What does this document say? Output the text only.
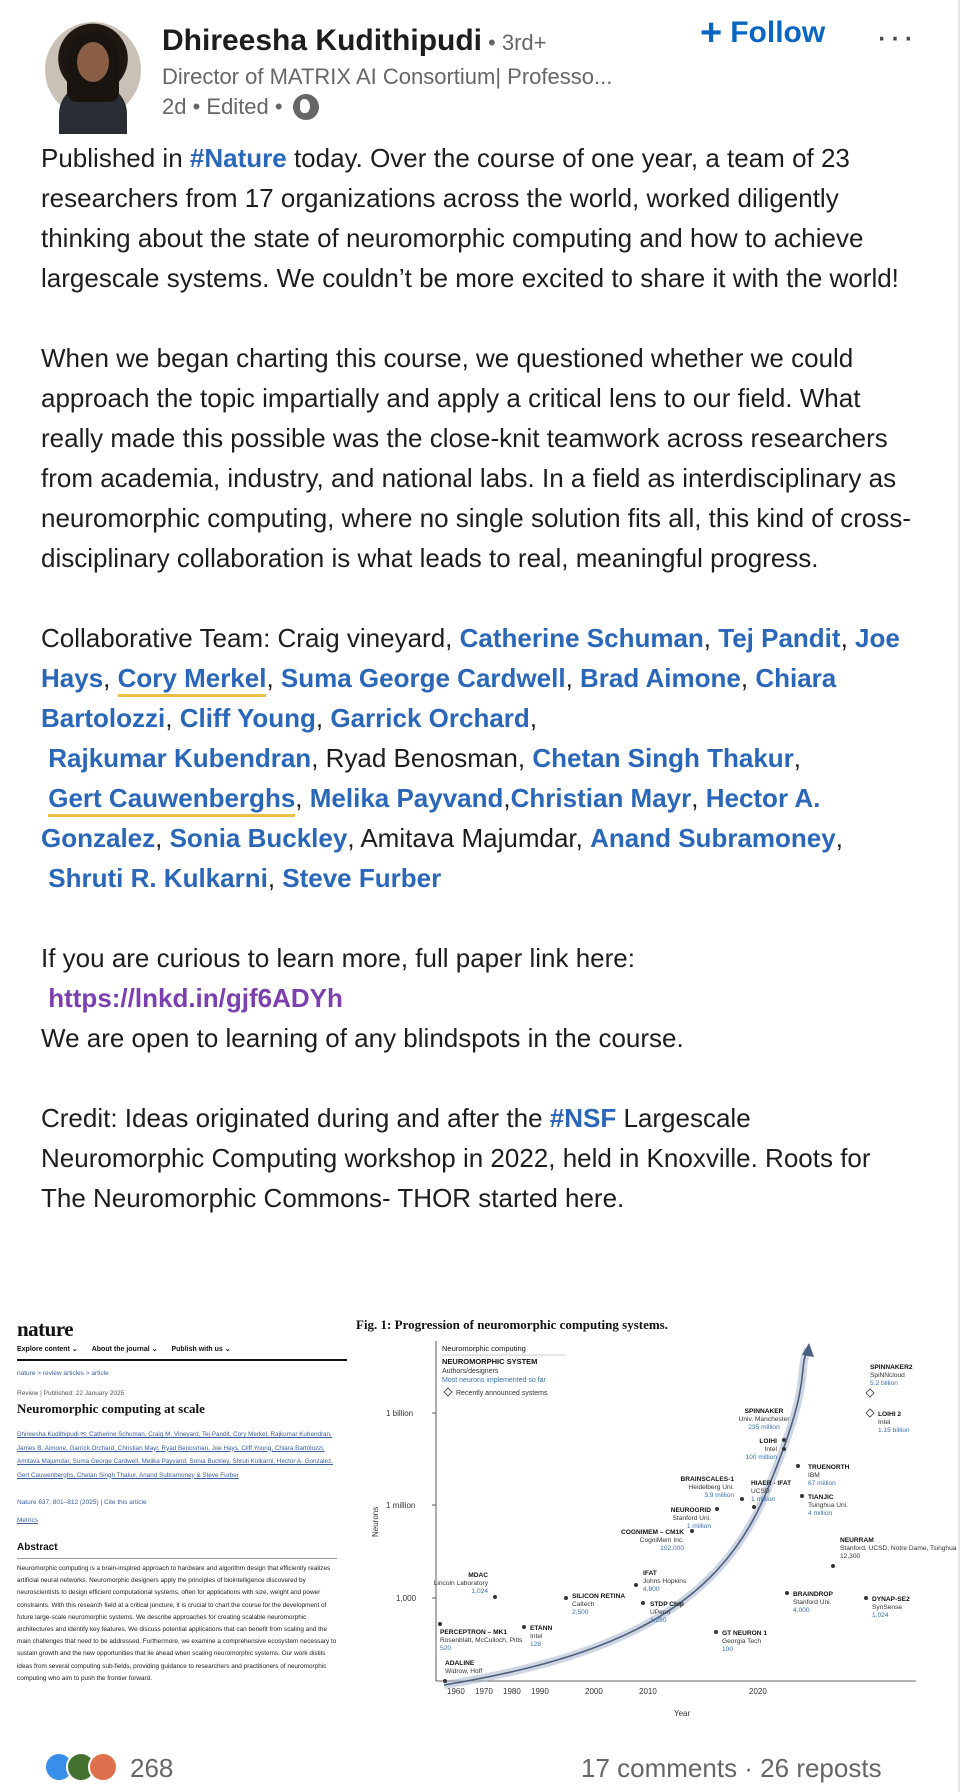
Dhireesha Kudithipudi • 3rd+
Director of MATRIX AI Consortium| Professo...
2d • Edited •
+ Follow ···

Published in #Nature today. Over the course of one year, a team of 23 researchers from 17 organizations across the world, worked diligently thinking about the state of neuromorphic computing and how to achieve largescale systems. We couldn’t be more excited to share it with the world!

When we began charting this course, we questioned whether we could approach the topic impartially and apply a critical lens to our field. What really made this possible was the close-knit teamwork across researchers from academia, industry, and national labs. In a field as interdisciplinary as neuromorphic computing, where no single solution fits all, this kind of cross-disciplinary collaboration is what leads to real, meaningful progress.

Collaborative Team: Craig vineyard, Catherine Schuman, Tej Pandit, Joe Hays, Cory Merkel, Suma George Cardwell, Brad Aimone, Chiara Bartolozzi, Cliff Young, Garrick Orchard,
Rajkumar Kubendran, Ryad Benosman, Chetan Singh Thakur,
Gert Cauwenberghs, Melika Payvand,Christian Mayr, Hector A. Gonzalez, Sonia Buckley, Amitava Majumdar, Anand Subramoney,
Shruti R. Kulkarni, Steve Furber

If you are curious to learn more, full paper link here:

https://lnkd.in/gjf6ADYh

We are open to learning of any blindspots in the course.

Credit: Ideas originated during and after the #NSF Largescale Neuromorphic Computing workshop in 2022, held in Knoxville. Roots for The Neuromorphic Commons- THOR started here.

nature
Explore content ⌄ About the journal ⌄ Publish with us ⌄
nature > review articles > article
Review | Published: 22 January 2025
Neuromorphic computing at scale
Dhireesha Kudithipudi ✉, Catherine Schuman, Craig M. Vineyard, Tej Pandit, Cory Merkel, Rajkumar Kubendran, James B. Aimone, Garrick Orchard, Christian Mayr, Ryad Benosman, Joe Hays, Cliff Young, Chiara Bartolozzi, Amitava Majumdar, Suma George Cardwell, Melika Payvand, Sonia Buckley, Shruti Kulkarni, Hector A. Gonzalez, Gert Cauwenberghs, Chetan Singh Thakur, Anand Subramoney & Steve Furber
Nature 637, 801–812 (2025) | Cite this article
Metrics
Abstract
Neuromorphic computing is a brain-inspired approach to hardware and algorithm design that efficiently realizes artificial neural networks. Neuromorphic designers apply the principles of biointelligence discovered by neuroscientists to design efficient computational systems, often for applications with size, weight and power constraints. With this research field at a critical juncture, it is crucial to chart the course for the development of future large-scale neuromorphic systems. We describe approaches for creating scalable neuromorphic architectures and identify key features. We discuss potential applications that can benefit from scaling and the main challenges that need to be addressed. Furthermore, we examine a comprehensive ecosystem necessary to sustain growth and the new opportunities that lie ahead when scaling neuromorphic systems. Our work distils ideas from several computing sub-fields, providing guidance to researchers and practitioners of neuromorphic computing who aim to push the frontier forward.
Fig. 1: Progression of neuromorphic computing systems.
Neuromorphic computing
NEUROMORPHIC SYSTEM
Authors/designers
Most neurons implemented so far
Recently announced systems
Neurons
Year
1 billion
1 million
1,000
1960 1970 1980 1990	2000	2010	2020
ADALINE
Widrow, Hoff
PERCEPTRON – MK1
Rosenblatt, McCulloch, Pitts
520
MDAC
Lincoln Laboratory
1,024
ETANN
Intel
128
SILICON RETINA
Caltech
2,500
IFAT
Johns Hopkins
4,800
STDP Chip
UPenn
1,280
COGNIMEM – CM1K
CogniMem Inc.
102,000
NEUROGRID
Stanford Uni.
1 million
BRAINSCALES-1
Heidelberg Uni.
3.9 million
HIAER - IFAT
UCSD
1 million
SPINNAKER
Univ. Manchester
235 million
LOIHI
Intel
100 million
TRUENORTH
IBM
67 million
TIANJIC
Tsinghua Uni.
4 million
GT NEURON 1
Georgia Tech
100
NEURRAM
Stanford, UCSD, Notre Dame, Tsinghua
12,300
BRAINDROP
Stanford Uni.
4,000
DYNAP-SE2
SynSense
1,024
SPINNAKER2
SpiNNcloud
5.2 billion
LOIHI 2
Intel
1.15 billion
268	17 comments · 26 reposts
